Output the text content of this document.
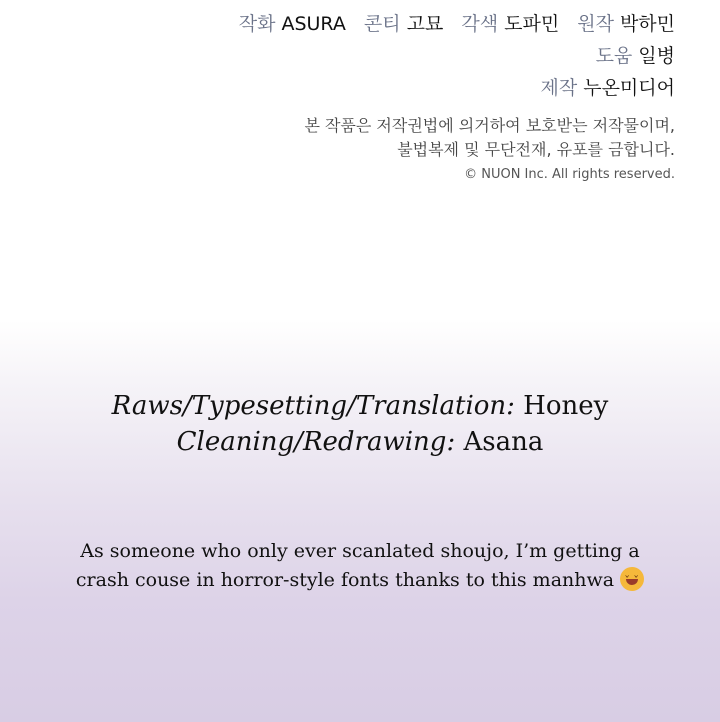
작화 ASURA 콘티 고묘 각색 도파민 원작 박하민
도움 일병
제작 누온미디어
본 작품은 저작권법에 의거하여 보호받는 저작물이며,
불법복제 및 무단전재, 유포를 금합니다.
© NUON Inc. All rights reserved.
Raws/Typesetting/Translation: Honey
Cleaning/Redrawing: Asana
As someone who only ever scanlated shoujo, I’m getting a
crash couse in horror-style fonts thanks to this manhwaˇˇ
